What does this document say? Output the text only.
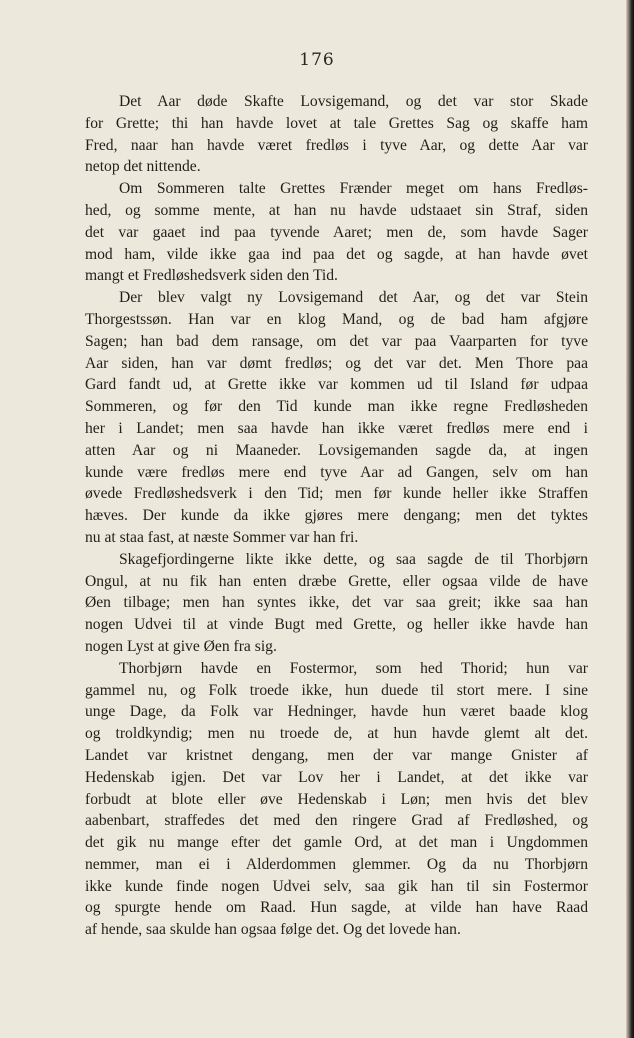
176
Det Aar døde Skafte Lovsigemand, og det var stor Skade
for Grette; thi han havde lovet at tale Grettes Sag og skaffe ham
Fred, naar han havde været fredløs i tyve Aar, og dette Aar var
netop det nittende.
Om Sommeren talte Grettes Frænder meget om hans Fredløs-
hed, og somme mente, at han nu havde udstaaet sin Straf, siden
det var gaaet ind paa tyvende Aaret; men de, som havde Sager
mod ham, vilde ikke gaa ind paa det og sagde, at han havde øvet
mangt et Fredløshedsverk siden den Tid.
Der blev valgt ny Lovsigemand det Aar, og det var Stein
Thorgestssøn. Han var en klog Mand, og de bad ham afgjøre
Sagen; han bad dem ransage, om det var paa Vaarparten for tyve
Aar siden, han var dømt fredløs; og det var det. Men Thore paa
Gard fandt ud, at Grette ikke var kommen ud til Island før udpaa
Sommeren, og før den Tid kunde man ikke regne Fredløsheden
her i Landet; men saa havde han ikke været fredløs mere end i
atten Aar og ni Maaneder. Lovsigemanden sagde da, at ingen
kunde være fredløs mere end tyve Aar ad Gangen, selv om han
øvede Fredløshedsverk i den Tid; men før kunde heller ikke Straffen
hæves. Der kunde da ikke gjøres mere dengang; men det tyktes
nu at staa fast, at næste Sommer var han fri.
Skagefjordingerne likte ikke dette, og saa sagde de til Thorbjørn
Ongul, at nu fik han enten dræbe Grette, eller ogsaa vilde de have
Øen tilbage; men han syntes ikke, det var saa greit; ikke saa han
nogen Udvei til at vinde Bugt med Grette, og heller ikke havde han
nogen Lyst at give Øen fra sig.
Thorbjørn havde en Fostermor, som hed Thorid; hun var
gammel nu, og Folk troede ikke, hun duede til stort mere. I sine
unge Dage, da Folk var Hedninger, havde hun været baade klog
og troldkyndig; men nu troede de, at hun havde glemt alt det.
Landet var kristnet dengang, men der var mange Gnister af
Hedenskab igjen. Det var Lov her i Landet, at det ikke var
forbudt at blote eller øve Hedenskab i Løn; men hvis det blev
aabenbart, straffedes det med den ringere Grad af Fredløshed, og
det gik nu mange efter det gamle Ord, at det man i Ungdommen
nemmer, man ei i Alderdommen glemmer. Og da nu Thorbjørn
ikke kunde finde nogen Udvei selv, saa gik han til sin Fostermor
og spurgte hende om Raad. Hun sagde, at vilde han have Raad
af hende, saa skulde han ogsaa følge det. Og det lovede han.
